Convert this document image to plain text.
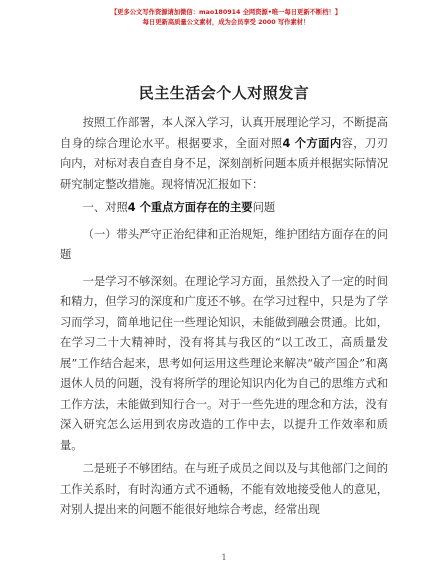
【更多公文写作资源请加微信：mao180914 全网资源•唯一每日更新不断档！】
每日更新高质量公文素材，成为会员享受 2000 写作素材！
民主生活会个人对照发言

按照工作部署，本人深入学习，认真开展理论学习，不断提高自身的综合理论水平。根据要求，全面对照4 个方面内容，刀刃向内，对标对表自查自身不足，深刻剖析问题本质并根据实际情况研究制定整改措施。现将情况汇报如下：

一、对照4 个重点方面存在的主要问题

（一）带头严守正治纪律和正治规矩，维护团结方面存在的问题

一是学习不够深刻。在理论学习方面，虽然投入了一定的时间和精力，但学习的深度和广度还不够。在学习过程中，只是为了学习而学习，简单地记住一些理论知识，未能做到融会贯通。比如，在学习二十大精神时，没有将其与我区的“以工改工，高质量发展”工作结合起来，思考如何运用这些理论来解决“破产国企”和离退休人员的问题，没有将所学的理论知识内化为自己的思维方式和工作方法，未能做到知行合一。对于一些先进的理念和方法，没有深入研究怎么运用到农房改造的工作中去，以提升工作效率和质量。

二是班子不够团结。在与班子成员之间以及与其他部门之间的工作关系时，有时沟通方式不通畅，不能有效地接受他人的意见，对别人提出来的问题不能很好地综合考虑，经常出现

1
